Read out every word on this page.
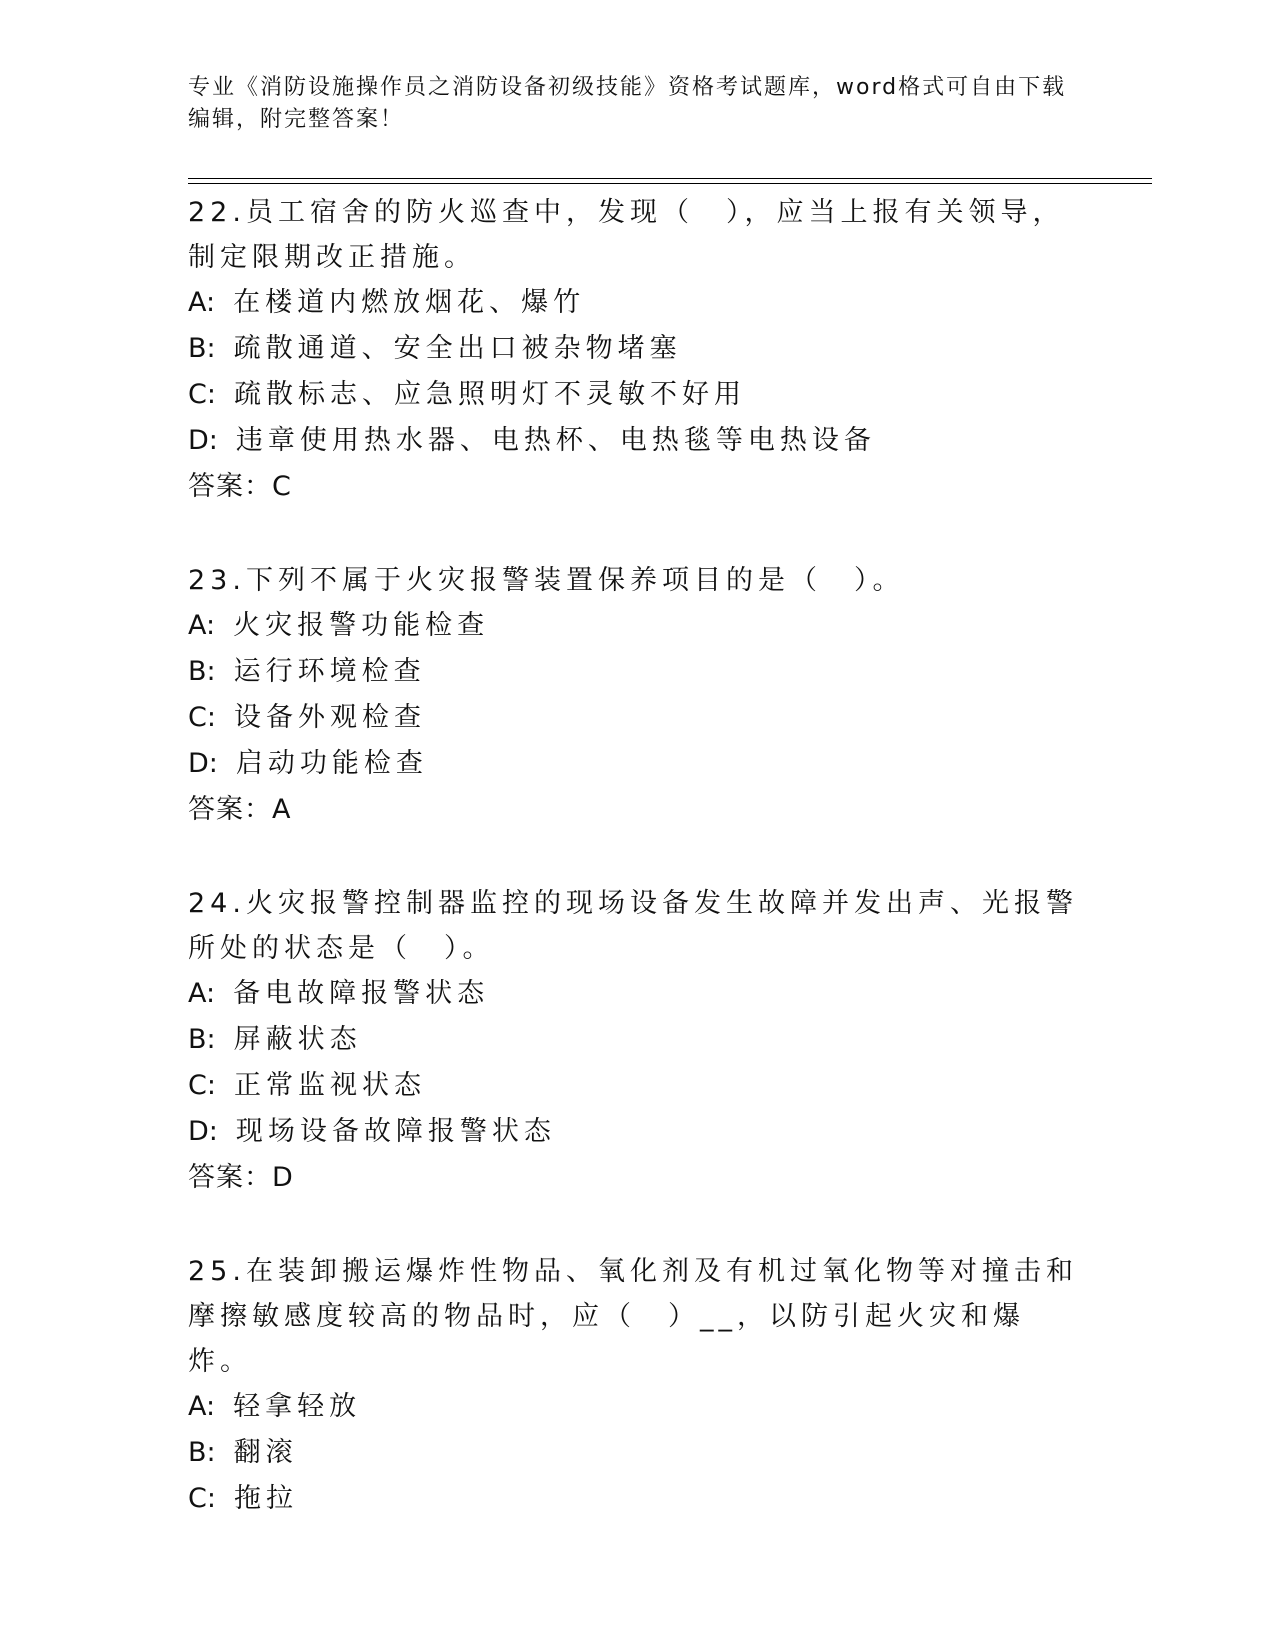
专业《消防设施操作员之消防设备初级技能》资格考试题库，word格式可自由下载编辑，附完整答案！
22.员工宿舍的防火巡查中，发现（　），应当上报有关领导，制定限期改正措施。
A: 在楼道内燃放烟花、爆竹
B: 疏散通道、安全出口被杂物堵塞
C: 疏散标志、应急照明灯不灵敏不好用
D: 违章使用热水器、电热杯、电热毯等电热设备
答案：C
23.下列不属于火灾报警装置保养项目的是（　）。
A: 火灾报警功能检查
B: 运行环境检查
C: 设备外观检查
D: 启动功能检查
答案：A
24.火灾报警控制器监控的现场设备发生故障并发出声、光报警所处的状态是（　）。
A: 备电故障报警状态
B: 屏蔽状态
C: 正常监视状态
D: 现场设备故障报警状态
答案：D
25.在装卸搬运爆炸性物品、氧化剂及有机过氧化物等对撞击和摩擦敏感度较高的物品时，应（　）__，以防引起火灾和爆炸。
A: 轻拿轻放
B: 翻滚
C: 拖拉
